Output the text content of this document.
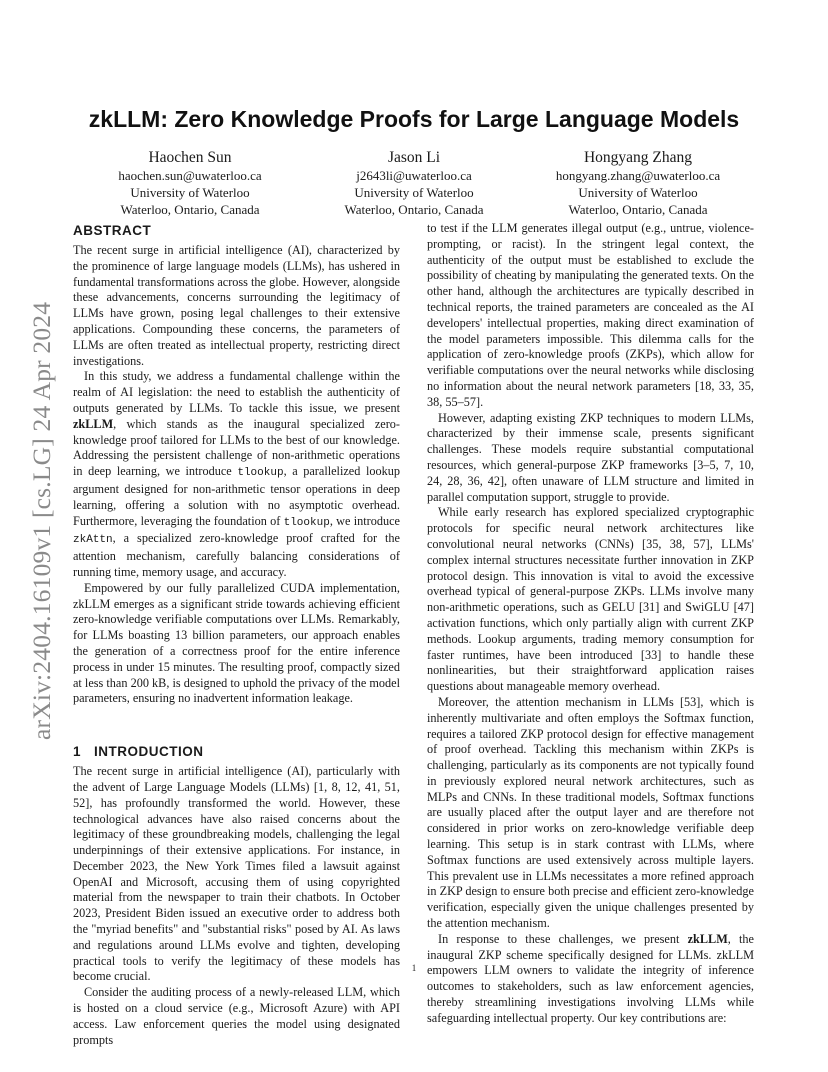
arXiv:2404.16109v1 [cs.LG] 24 Apr 2024
zkLLM: Zero Knowledge Proofs for Large Language Models
Haochen Sun
haochen.sun@uwaterloo.ca
University of Waterloo
Waterloo, Ontario, Canada
Jason Li
j2643li@uwaterloo.ca
University of Waterloo
Waterloo, Ontario, Canada
Hongyang Zhang
hongyang.zhang@uwaterloo.ca
University of Waterloo
Waterloo, Ontario, Canada
ABSTRACT

The recent surge in artificial intelligence (AI), characterized by the prominence of large language models (LLMs), has ushered in fundamental transformations across the globe. However, alongside these advancements, concerns surrounding the legitimacy of LLMs have grown, posing legal challenges to their extensive applications. Compounding these concerns, the parameters of LLMs are often treated as intellectual property, restricting direct investigations.

In this study, we address a fundamental challenge within the realm of AI legislation: the need to establish the authenticity of outputs generated by LLMs. To tackle this issue, we present zkLLM, which stands as the inaugural specialized zero-knowledge proof tailored for LLMs to the best of our knowledge. Addressing the persistent challenge of non-arithmetic operations in deep learning, we introduce tlookup, a parallelized lookup argument designed for non-arithmetic tensor operations in deep learning, offering a solution with no asymptotic overhead. Furthermore, leveraging the foundation of tlookup, we introduce zkAttn, a specialized zero-knowledge proof crafted for the attention mechanism, carefully balancing considerations of running time, memory usage, and accuracy.

Empowered by our fully parallelized CUDA implementation, zkLLM emerges as a significant stride towards achieving efficient zero-knowledge verifiable computations over LLMs. Remarkably, for LLMs boasting 13 billion parameters, our approach enables the generation of a correctness proof for the entire inference process in under 15 minutes. The resulting proof, compactly sized at less than 200 kB, is designed to uphold the privacy of the model parameters, ensuring no inadvertent information leakage.

1 INTRODUCTION

The recent surge in artificial intelligence (AI), particularly with the advent of Large Language Models (LLMs) [1, 8, 12, 41, 51, 52], has profoundly transformed the world. However, these technological advances have also raised concerns about the legitimacy of these groundbreaking models, challenging the legal underpinnings of their extensive applications. For instance, in December 2023, the New York Times filed a lawsuit against OpenAI and Microsoft, accusing them of using copyrighted material from the newspaper to train their chatbots. In October 2023, President Biden issued an executive order to address both the "myriad benefits" and "substantial risks" posed by AI. As laws and regulations around LLMs evolve and tighten, developing practical tools to verify the legitimacy of these models has become crucial.

Consider the auditing process of a newly-released LLM, which is hosted on a cloud service (e.g., Microsoft Azure) with API access. Law enforcement queries the model using designated prompts

to test if the LLM generates illegal output (e.g., untrue, violence-prompting, or racist). In the stringent legal context, the authenticity of the output must be established to exclude the possibility of cheating by manipulating the generated texts. On the other hand, although the architectures are typically described in technical reports, the trained parameters are concealed as the AI developers' intellectual properties, making direct examination of the model parameters impossible. This dilemma calls for the application of zero-knowledge proofs (ZKPs), which allow for verifiable computations over the neural networks while disclosing no information about the neural network parameters [18, 33, 35, 38, 55–57].

However, adapting existing ZKP techniques to modern LLMs, characterized by their immense scale, presents significant challenges. These models require substantial computational resources, which general-purpose ZKP frameworks [3–5, 7, 10, 24, 28, 36, 42], often unaware of LLM structure and limited in parallel computation support, struggle to provide.

While early research has explored specialized cryptographic protocols for specific neural network architectures like convolutional neural networks (CNNs) [35, 38, 57], LLMs' complex internal structures necessitate further innovation in ZKP protocol design. This innovation is vital to avoid the excessive overhead typical of general-purpose ZKPs. LLMs involve many non-arithmetic operations, such as GELU [31] and SwiGLU [47] activation functions, which only partially align with current ZKP methods. Lookup arguments, trading memory consumption for faster runtimes, have been introduced [33] to handle these nonlinearities, but their straightforward application raises questions about manageable memory overhead.

Moreover, the attention mechanism in LLMs [53], which is inherently multivariate and often employs the Softmax function, requires a tailored ZKP protocol design for effective management of proof overhead. Tackling this mechanism within ZKPs is challenging, particularly as its components are not typically found in previously explored neural network architectures, such as MLPs and CNNs. In these traditional models, Softmax functions are usually placed after the output layer and are therefore not considered in prior works on zero-knowledge verifiable deep learning. This setup is in stark contrast with LLMs, where Softmax functions are used extensively across multiple layers. This prevalent use in LLMs necessitates a more refined approach in ZKP design to ensure both precise and efficient zero-knowledge verification, especially given the unique challenges presented by the attention mechanism.

In response to these challenges, we present zkLLM, the inaugural ZKP scheme specifically designed for LLMs. zkLLM empowers LLM owners to validate the integrity of inference outcomes to stakeholders, such as law enforcement agencies, thereby streamlining investigations involving LLMs while safeguarding intellectual property. Our key contributions are:

1
